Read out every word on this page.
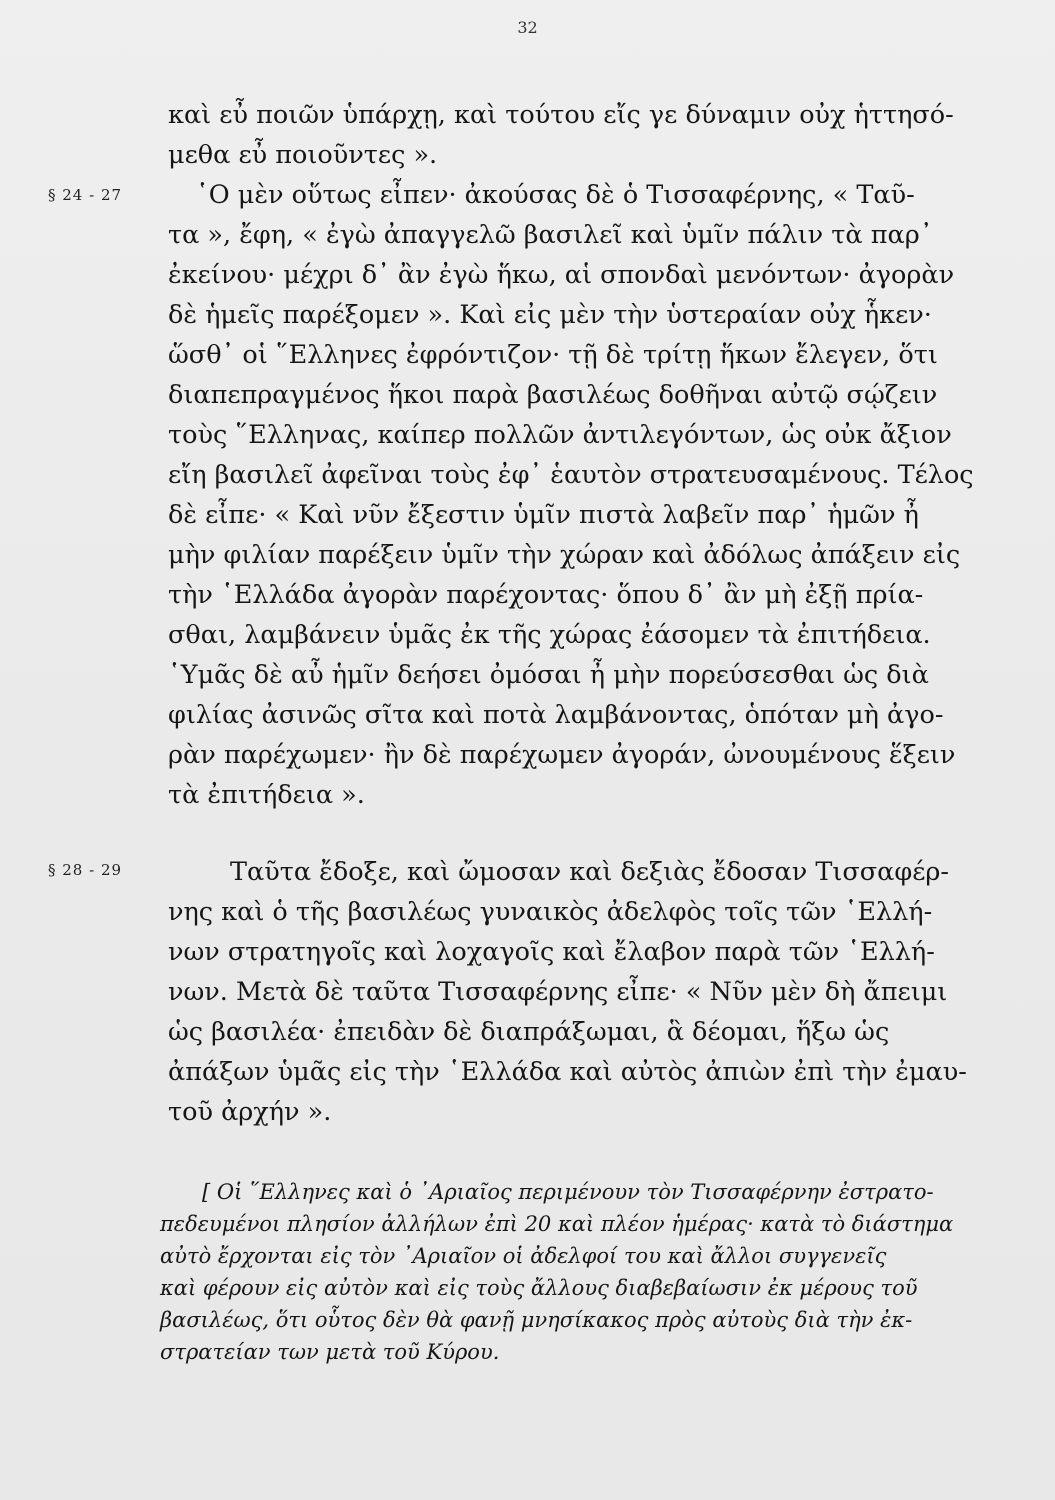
32
καὶ εὖ ποιῶν ὑπάρχῃ, καὶ τούτου εἴς γε δύναμιν οὐχ ἡττησό-
μεθα εὖ ποιοῦντες ».
§ 24 - 27	῾Ο μὲν οὕτως εἶπεν· ἀκούσας δὲ ὁ Τισσαφέρνης, « Ταῦ-
τα », ἔφη, « ἐγὼ ἀπαγγελῶ βασιλεῖ καὶ ὑμῖν πάλιν τὰ παρ᾽
ἐκείνου· μέχρι δ᾽ ἂν ἐγὼ ἥκω, αἱ σπονδαὶ μενόντων· ἀγορὰν
δὲ ἡμεῖς παρέξομεν ». Καὶ εἰς μὲν τὴν ὑστεραίαν οὐχ ἧκεν·
ὥσθ᾽ οἱ ῞Ελληνες ἐφρόντιζον· τῇ δὲ τρίτῃ ἥκων ἔλεγεν, ὅτι
διαπεπραγμένος ἥκοι παρὰ βασιλέως δοθῆναι αὐτῷ σῴζειν
τοὺς ῞Ελληνας, καίπερ πολλῶν ἀντιλεγόντων, ὡς οὐκ ἄξιον
εἴη βασιλεῖ ἀφεῖναι τοὺς ἐφ᾽ ἑαυτὸν στρατευσαμένους. Τέλος
δὲ εἶπε· « Καὶ νῦν ἔξεστιν ὑμῖν πιστὰ λαβεῖν παρ᾽ ἡμῶν ἦ
μὴν φιλίαν παρέξειν ὑμῖν τὴν χώραν καὶ ἀδόλως ἀπάξειν εἰς
τὴν ῾Ελλάδα ἀγορὰν παρέχοντας· ὅπου δ᾽ ἂν μὴ ἐξῇ πρία-
σθαι, λαμβάνειν ὑμᾶς ἐκ τῆς χώρας ἐάσομεν τὰ ἐπιτήδεια.
῾Υμᾶς δὲ αὖ ἡμῖν δεήσει ὀμόσαι ἦ μὴν πορεύσεσθαι ὡς διὰ
φιλίας ἀσινῶς σῖτα καὶ ποτὰ λαμβάνοντας, ὁπόταν μὴ ἀγο-
ρὰν παρέχωμεν· ἢν δὲ παρέχωμεν ἀγοράν, ὠνουμένους ἕξειν
τὰ ἐπιτήδεια ».
§ 28 - 29	Ταῦτα ἔδοξε, καὶ ὤμοσαν καὶ δεξιὰς ἔδοσαν Τισσαφέρ-
νης καὶ ὁ τῆς βασιλέως γυναικὸς ἀδελφὸς τοῖς τῶν ῾Ελλή-
νων στρατηγοῖς καὶ λοχαγοῖς καὶ ἔλαβον παρὰ τῶν ῾Ελλή-
νων. Μετὰ δὲ ταῦτα Τισσαφέρνης εἶπε· « Νῦν μὲν δὴ ἄπειμι
ὡς βασιλέα· ἐπειδὰν δὲ διαπράξωμαι, ἃ δέομαι, ἥξω ὡς
ἀπάξων ὑμᾶς εἰς τὴν ῾Ελλάδα καὶ αὐτὸς ἀπιὼν ἐπὶ τὴν ἐμαυ-
τοῦ ἀρχήν ».
[ Οἱ ῞Ελληνες καὶ ὁ ᾿Αριαῖος περιμένουν τὸν Τισσαφέρνην ἐστρατο-
πεδευμένοι πλησίον ἀλλήλων ἐπὶ 20 καὶ πλέον ἡμέρας· κατὰ τὸ διάστημα
αὐτὸ ἔρχονται εἰς τὸν ᾿Αριαῖον οἱ ἀδελφοί του καὶ ἄλλοι συγγενεῖς
καὶ φέρουν εἰς αὐτὸν καὶ εἰς τοὺς ἄλλους διαβεβαίωσιν ἐκ μέρους τοῦ
βασιλέως, ὅτι οὗτος δὲν θὰ φανῇ μνησίκακος πρὸς αὐτοὺς διὰ τὴν ἐκ-
στρατείαν των μετὰ τοῦ Κύρου.
